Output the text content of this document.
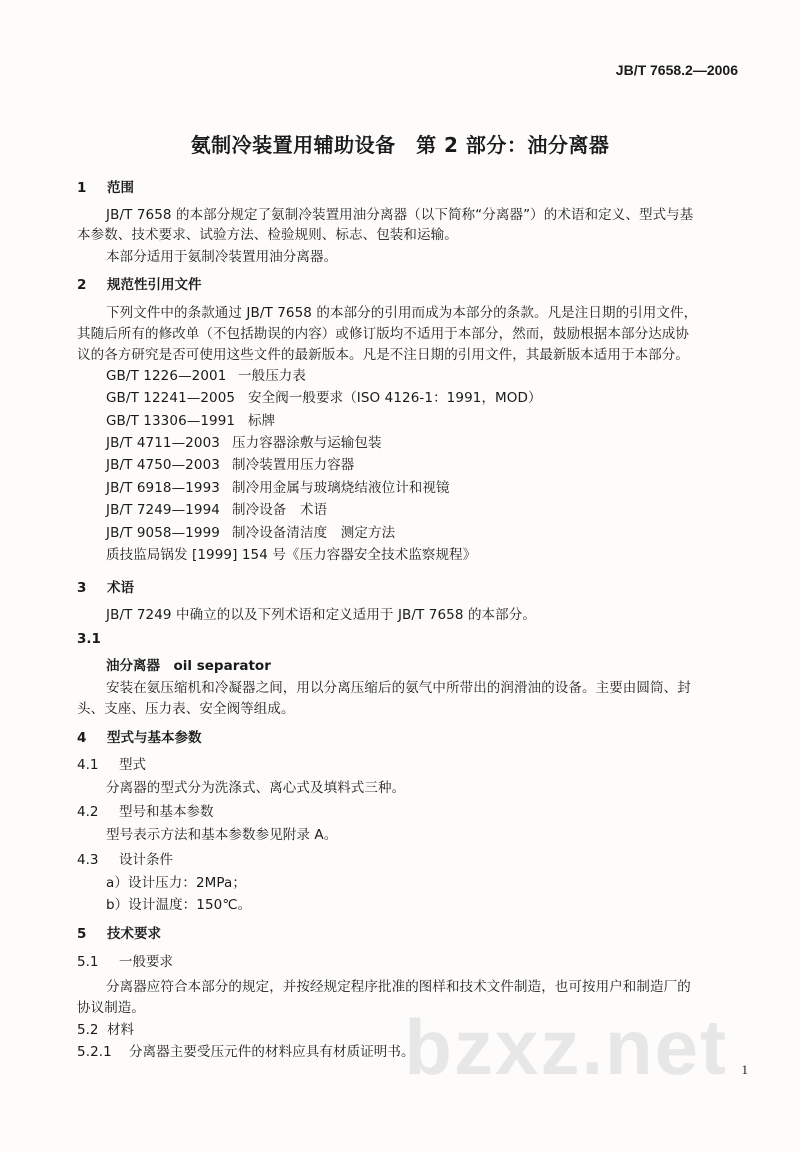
JB/T 7658.2—2006
氨制冷装置用辅助设备　第 2 部分：油分离器
1 范围
JB/T 7658 的本部分规定了氨制冷装置用油分离器（以下简称“分离器”）的术语和定义、型式与基
本参数、技术要求、试验方法、检验规则、标志、包装和运输。
本部分适用于氨制冷装置用油分离器。
2 规范性引用文件
下列文件中的条款通过 JB/T 7658 的本部分的引用而成为本部分的条款。凡是注日期的引用文件，
其随后所有的修改单（不包括勘误的内容）或修订版均不适用于本部分，然而，鼓励根据本部分达成协
议的各方研究是否可使用这些文件的最新版本。凡是不注日期的引用文件，其最新版本适用于本部分。
GB/T 1226—2001 一般压力表
GB/T 12241—2005 安全阀一般要求（ISO 4126-1：1991，MOD）
GB/T 13306—1991 标牌
JB/T 4711—2003 压力容器涂敷与运输包装
JB/T 4750—2003 制冷装置用压力容器
JB/T 6918—1993 制冷用金属与玻璃烧结液位计和视镜
JB/T 7249—1994 制冷设备　术语
JB/T 9058—1999 制冷设备清洁度　测定方法
质技监局锅发 [1999] 154 号《压力容器安全技术监察规程》
3 术语
JB/T 7249 中确立的以及下列术语和定义适用于 JB/T 7658 的本部分。
3.1
油分离器　oil separator
安装在氨压缩机和冷凝器之间，用以分离压缩后的氨气中所带出的润滑油的设备。主要由圆筒、封
头、支座、压力表、安全阀等组成。
4 型式与基本参数
4.1 型式
分离器的型式分为洗涤式、离心式及填料式三种。
4.2 型号和基本参数
型号表示方法和基本参数参见附录 A。
4.3 设计条件
a）设计压力：2MPa；
b）设计温度：150℃。
5 技术要求
5.1 一般要求
分离器应符合本部分的规定，并按经规定程序批准的图样和技术文件制造，也可按用户和制造厂的
协议制造。
5.2 材料
5.2.1 分离器主要受压元件的材料应具有材质证明书。
bzxz.net 1
